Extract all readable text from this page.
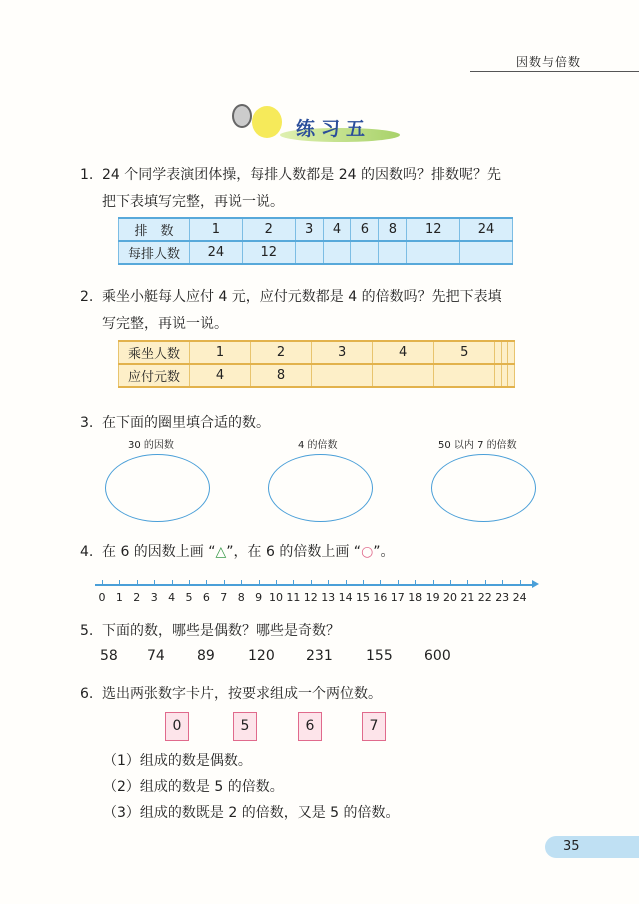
因数与倍数
练习五
1. 24 个同学表演团体操，每排人数都是 24 的因数吗？排数呢？先
把下表填写完整，再说一说。
排　数	1	2	3	4	6	8	12	24
每排人数	24	12						
2. 乘坐小艇每人应付 4 元，应付元数都是 4 的倍数吗？先把下表填
写完整，再说一说。
乘坐人数	1	2	3	4	5			
应付元数	4	8						
3. 在下面的圈里填合适的数。
30 的因数	4 的倍数	50 以内 7 的倍数
4. 在 6 的因数上画 “△”，在 6 的倍数上画 “○”。
0 1 2 3 4 5 6 7 8 9 10 11 12 13 14 15 16 17 18 19 20 21 22 23 24
5. 下面的数，哪些是偶数？哪些是奇数？
58 74 89 120 231 155 600
6. 选出两张数字卡片，按要求组成一个两位数。
0	5	6	7
（1）组成的数是偶数。
（2）组成的数是 5 的倍数。
（3）组成的数既是 2 的倍数，又是 5 的倍数。
35
